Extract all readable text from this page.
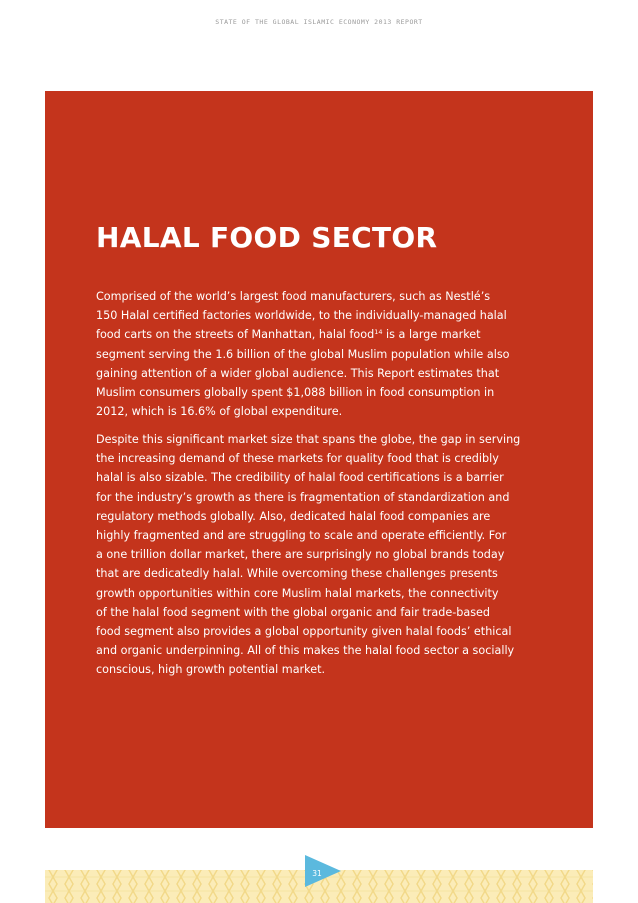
STATE OF THE GLOBAL ISLAMIC ECONOMY 2013 REPORT
HALAL FOOD SECTOR
Comprised of the world’s largest food manufacturers, such as Nestlé’s
150 Halal certified factories worldwide, to the individually-managed halal
food carts on the streets of Manhattan, halal food$^{14}$ is a large market
segment serving the 1.6 billion of the global Muslim population while also
gaining attention of a wider global audience. This Report estimates that
Muslim consumers globally spent $1,088 billion in food consumption in
2012, which is 16.6% of global expenditure.
Despite this significant market size that spans the globe, the gap in serving
the increasing demand of these markets for quality food that is credibly
halal is also sizable. The credibility of halal food certifications is a barrier
for the industry’s growth as there is fragmentation of standardization and
regulatory methods globally. Also, dedicated halal food companies are
highly fragmented and are struggling to scale and operate efficiently. For
a one trillion dollar market, there are surprisingly no global brands today
that are dedicatedly halal. While overcoming these challenges presents
growth opportunities within core Muslim halal markets, the connectivity
of the halal food segment with the global organic and fair trade-based
food segment also provides a global opportunity given halal foods’ ethical
and organic underpinning. All of this makes the halal food sector a socially
conscious, high growth potential market.
31
